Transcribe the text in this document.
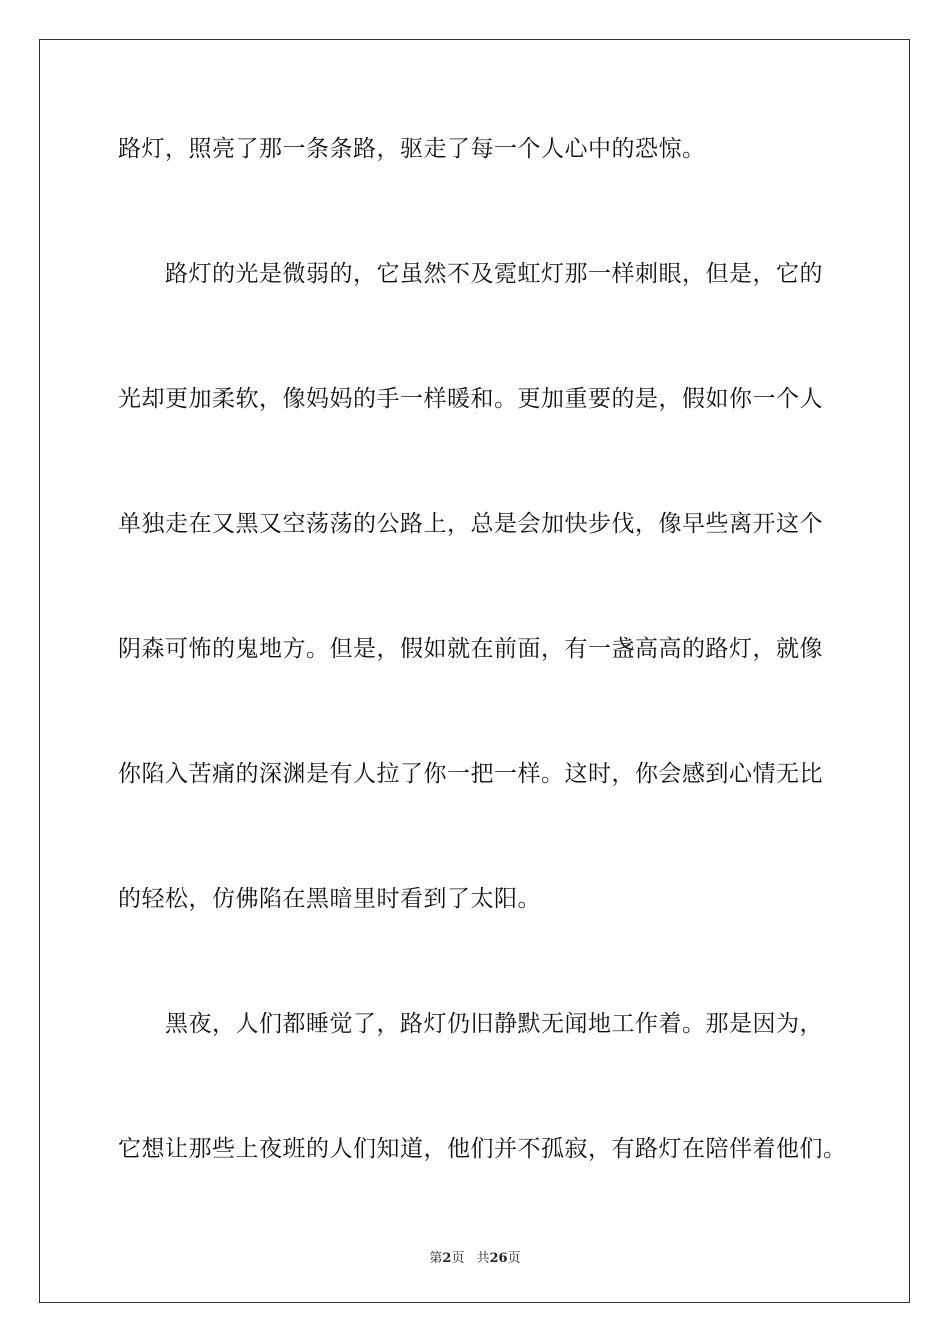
路灯，照亮了那一条条路，驱走了每一个人心中的恐惊。
路灯的光是微弱的，它虽然不及霓虹灯那一样刺眼，但是，它的
光却更加柔软，像妈妈的手一样暖和。更加重要的是，假如你一个人
单独走在又黑又空荡荡的公路上，总是会加快步伐，像早些离开这个
阴森可怖的鬼地方。但是，假如就在前面，有一盏高高的路灯，就像
你陷入苦痛的深渊是有人拉了你一把一样。这时，你会感到心情无比
的轻松，仿佛陷在黑暗里时看到了太阳。
黑夜，人们都睡觉了，路灯仍旧静默无闻地工作着。那是因为，
它想让那些上夜班的人们知道，他们并不孤寂，有路灯在陪伴着他们。
第2页 共26页
